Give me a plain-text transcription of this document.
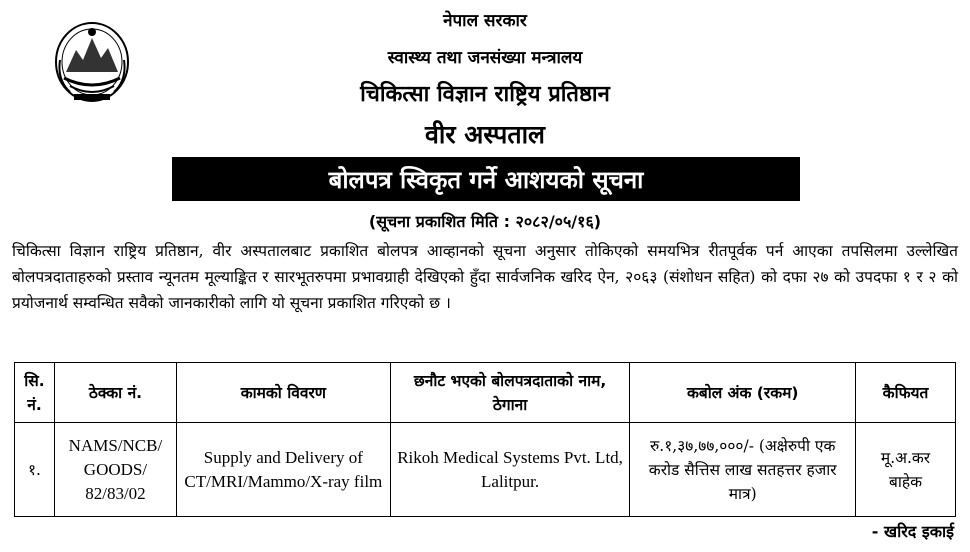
नेपाल सरकार
स्वास्थ्य तथा जनसंख्या मन्त्रालय
चिकित्सा विज्ञान राष्ट्रिय प्रतिष्ठान
वीर अस्पताल
बोलपत्र स्विकृत गर्ने आशयको सूचना
(सूचना प्रकाशित मिति : २०८२/०५/१६)
चिकित्सा विज्ञान राष्ट्रिय प्रतिष्ठान, वीर अस्पतालबाट प्रकाशित बोलपत्र आव्हानको सूचना अनुसार तोकिएको समयभित्र रीतपूर्वक पर्न आएका तपसिलमा उल्लेखित बोलपत्रदाताहरुको प्रस्ताव न्यूनतम मूल्याङ्कित र सारभूतरुपमा प्रभावग्राही देखिएको हुँदा सार्वजनिक खरिद ऐन, २०६३ (संशोधन सहित) को दफा २७ को उपदफा १ र २ को प्रयोजनार्थ सम्वन्धित सवैको जानकारीको लागि यो सूचना प्रकाशित गरिएको छ ।
सि. नं.	ठेक्का नं.	कामको विवरण	छनौट भएको बोलपत्रदाताको नाम, ठेगाना	कबोल अंक (रकम)	कैफियत
१.	NAMS/NCB/ GOODS/ 82/83/02	Supply and Delivery of CT/MRI/Mammo/X-ray film	Rikoh Medical Systems Pvt. Ltd, Lalitpur.	रु.१,३७,७७,०००/- (अक्षेरुपी एक करोड सैत्तिस लाख सतहत्तर हजार मात्र)	मू.अ.कर बाहेक
- खरिद इकाई
